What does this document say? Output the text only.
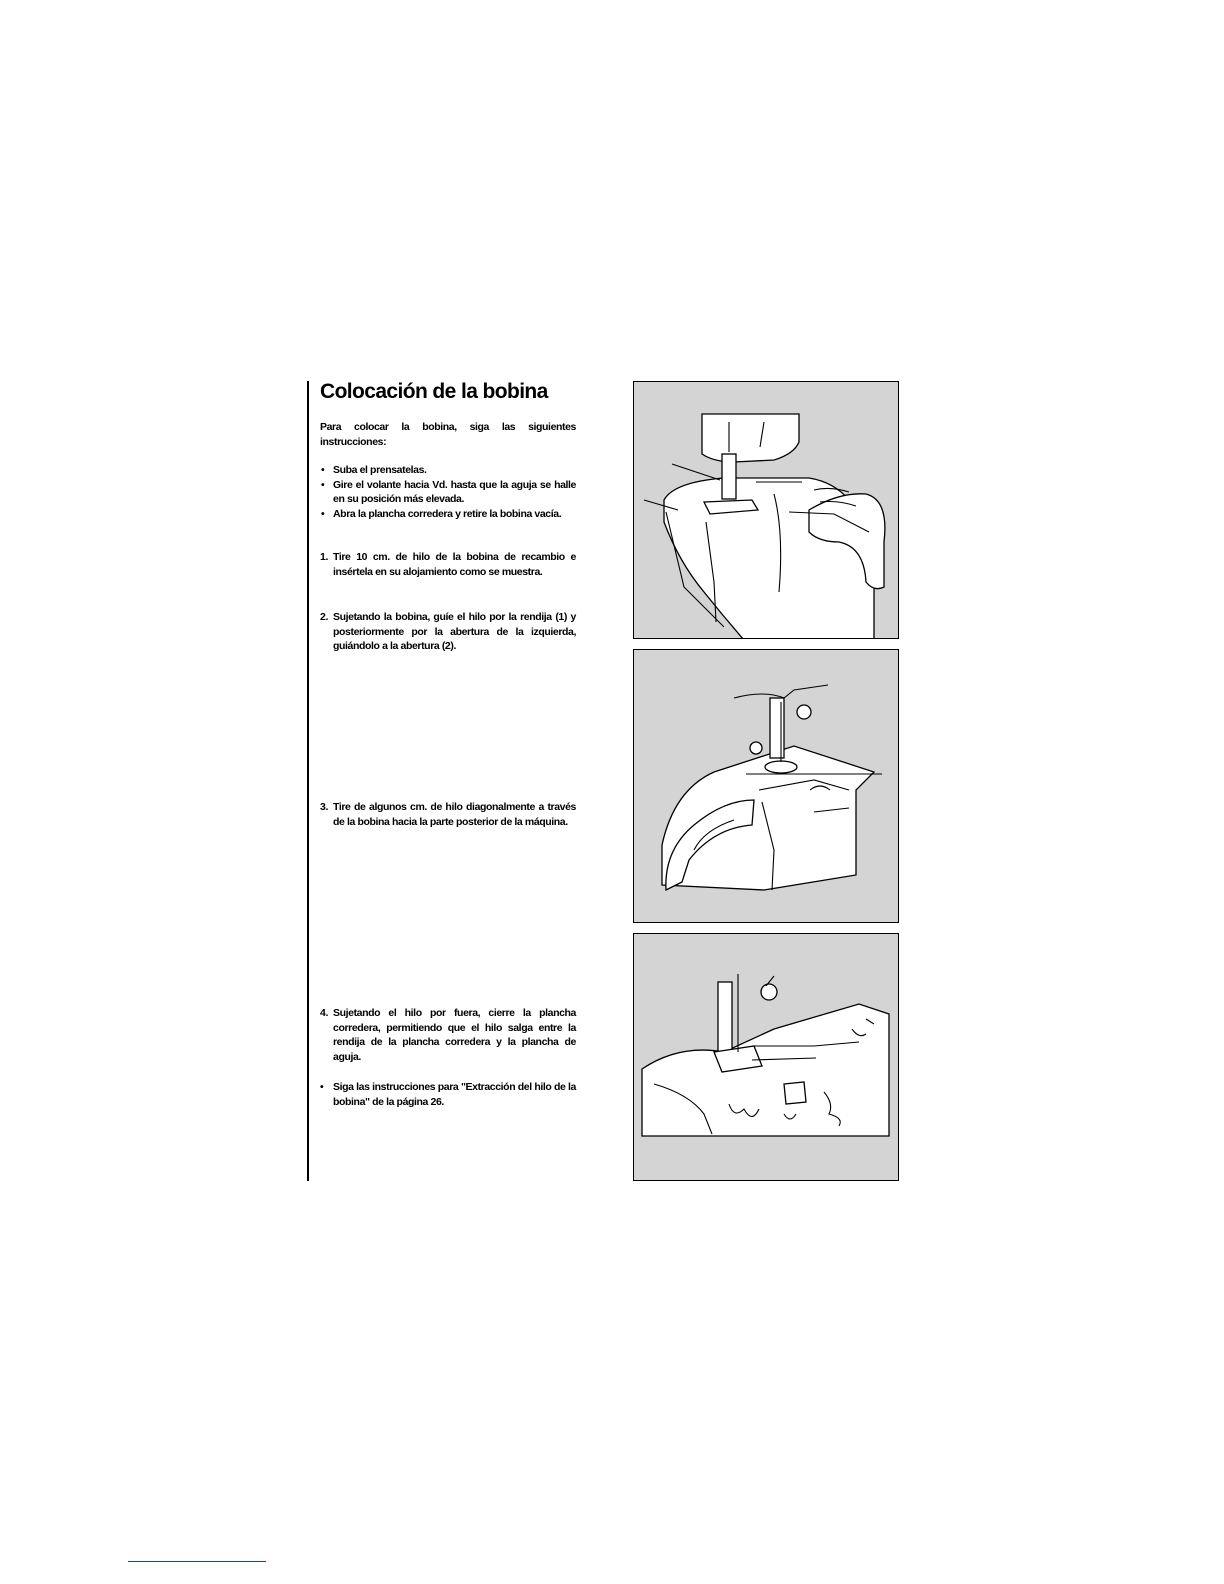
Colocación de la bobina

Para colocar la bobina, siga las siguientes instrucciones:

• Suba el prensatelas.
• Gire el volante hacia Vd. hasta que la aguja se halle en su posición más elevada.
• Abra la plancha corredera y retire la bobina vacía.
1. Tire 10 cm. de hilo de la bobina de recambio e insértela en su alojamiento como se muestra.
2. Sujetando la bobina, guíe el hilo por la rendija (1) y posteriormente por la abertura de la izquierda, guiándolo a la abertura (2).
3. Tire de algunos cm. de hilo diagonalmente a través de la bobina hacia la parte posterior de la máquina.
4. Sujetando el hilo por fuera, cierre la plancha corredera, permitiendo que el hilo salga entre la rendija de la plancha corredera y la plancha de aguja.
• Siga las instrucciones para "Extracción del hilo de la bobina" de la página 26.
